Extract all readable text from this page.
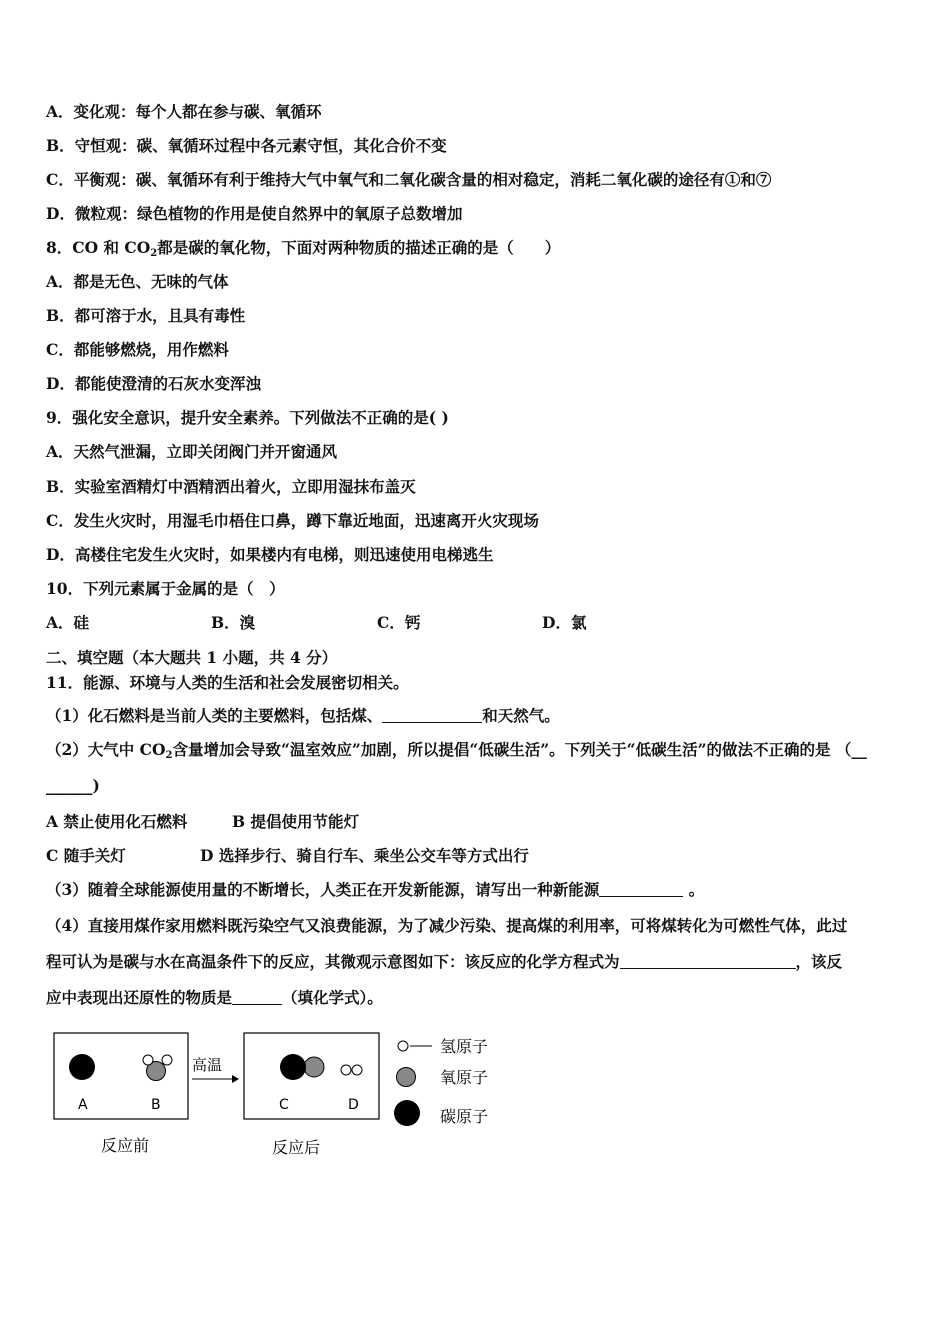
A．变化观：每个人都在参与碳、氧循环
B．守恒观：碳、氧循环过程中各元素守恒，其化合价不变
C．平衡观：碳、氧循环有利于维持大气中氧气和二氧化碳含量的相对稳定，消耗二氧化碳的途径有①和⑦
D．微粒观：绿色植物的作用是使自然界中的氧原子总数增加
8．CO 和 $CO_2$都是碳的氧化物，下面对两种物质的描述正确的是（　　）
A．都是无色、无味的气体
B．都可溶于水，且具有毒性
C．都能够燃烧，用作燃料
D．都能使澄清的石灰水变浑浊
9．强化安全意识，提升安全素养。下列做法不正确的是( )
A．天然气泄漏，立即关闭阀门并开窗通风
B．实验室酒精灯中酒精洒出着火，立即用湿抹布盖灭
C．发生火灾时，用湿毛巾梧住口鼻，蹲下靠近地面，迅速离开火灾现场
D．高楼住宅发生火灾时，如果楼内有电梯，则迅速使用电梯逃生
10．下列元素属于金属的是（　）
A．硅	B．溴	C．钙	D．氯
二、填空题（本大题共 1 小题，共 4 分）
11．能源、环境与人类的生活和社会发展密切相关。
（1）化石燃料是当前人类的主要燃料，包括煤、	和天然气。
（2）大气中 $CO_2$含量增加会导致“温室效应”加剧，所以提倡“低碳生活”。下列关于“低碳生活”的做法不正确的是 （__
______)
A 禁止使用化石燃料	B 提倡使用节能灯
C 随手关灯	D 选择步行、骑自行车、乘坐公交车等方式出行
（3）随着全球能源使用量的不断增长，人类正在开发新能源，请写出一种新能源	。
（4）直接用煤作家用燃料既污染空气又浪费能源，为了减少污染、提高煤的利用率，可将煤转化为可燃性气体，此过
程可认为是碳与水在高温条件下的反应，其微观示意图如下：该反应的化学方程式为	，该反
应中表现出还原性的物质是	（填化学式）。
A	B
高温
C	D
反应前	反应后
氢原子
氧原子
碳原子
